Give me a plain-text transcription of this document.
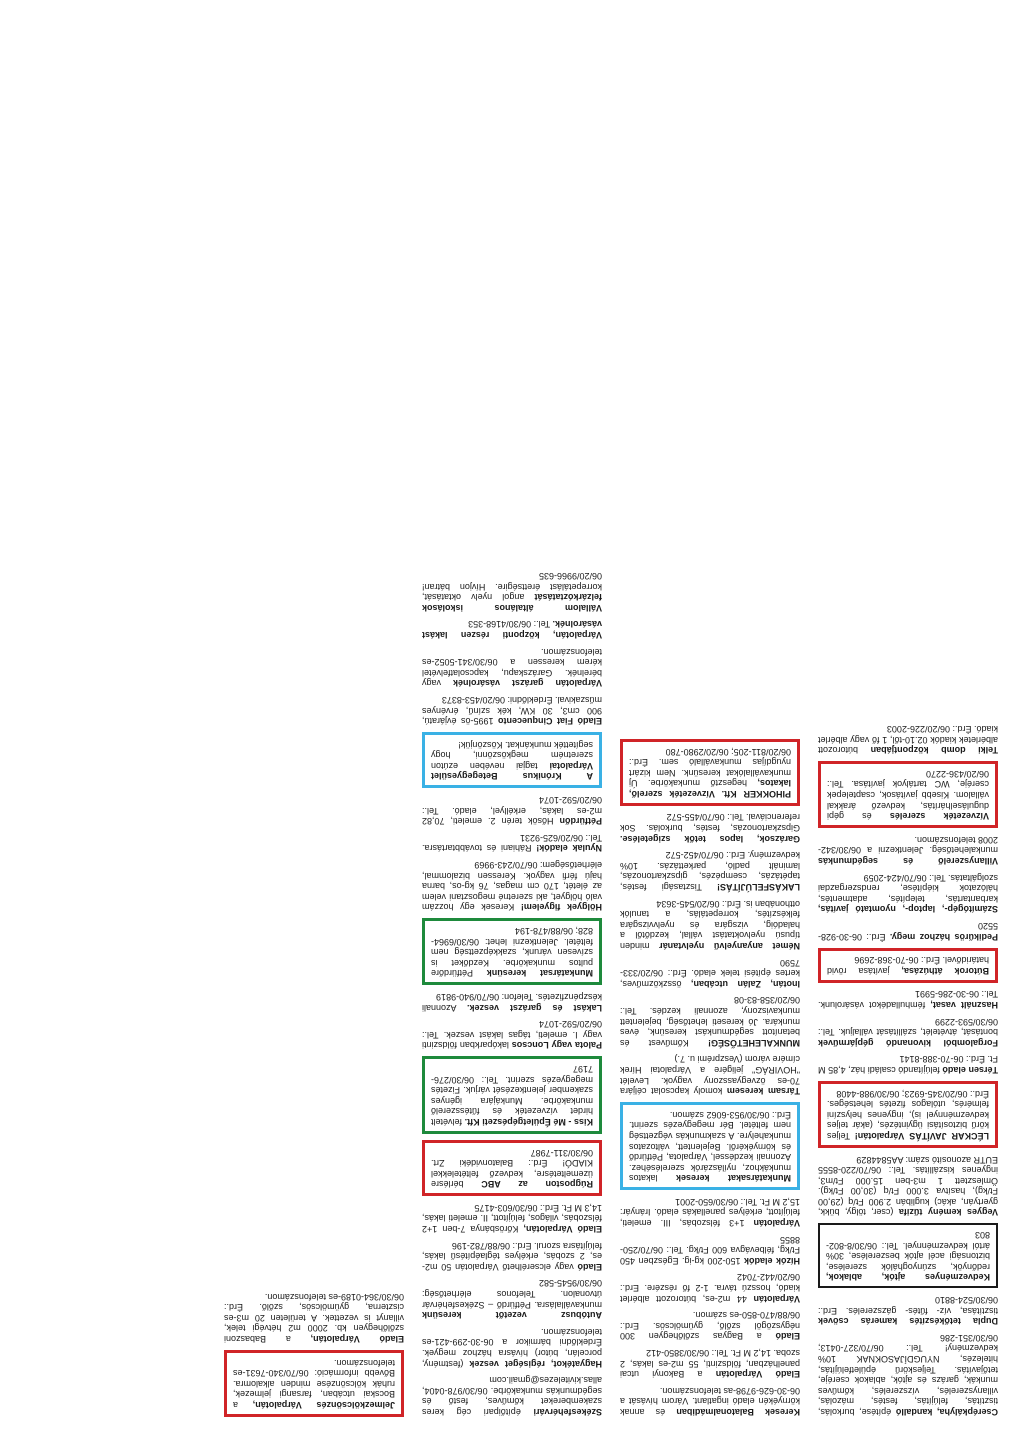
Cserépkályha, kandalló építése, burkolás, tisztítás, felújítás, festés, mázolás, villanyszerelés, vízszerelés, kőműves munkák, garázs és ajtók, ablakok cseréje, tetőjavítás. Teljeskörű épületfelújítás, hitelezés, NYUGDÍJASOKNAK 10% kedvezmény! Tel.: 06/70/327-0413; 06/30/351-286
Dupla tetőkészítés kamerás csövek tisztítása, víz- fűtés- gázszerelés. Erd.: 06/30/524-8810
Kedvezményes ajtók, ablakok, redőnyök, szúnyoghálók szerelése, biztonsági acél ajtók beszerelése, 30% ártól kedvezménnyel. Tel.: 06/30/8-802-803
Vegyes kemény tűzifa (cser, tölgy, bükk, gyertyán, akác) kuglibán 2.900 Ft/q (29,00 Ft/kg), hasítva 3.000 Ft/q (30,00 Ft/kg). Ömlesztett 1 m3-ben 15.000 Ft/m3, ingyenes kiszállítás. Tel.: 06/70/220-8555 EUTR azonosító szám: AA5844829
LÉCKAR JAVÍTÁS Várpalotán! Teljes körű biztosítási ügyintézés, (akár teljes kedvezménnyel is), ingyenes helyszíni felmérés, utólagos fizetés lehetséges. Érd.: 06/20/345-6923; 06/30/988-4408
Térsen eladó felújítandó családi ház, 4,85 M Ft. Érd.: 06-70-388-8141
Forgalomból kivonandó gépjárművek bontását, átvételét, szállítását vállaljuk. Tel.: 06/30/593-2299
Használt vasat, fémhulladékot vásárolunk. Tel.: 06-30-286-5991
Bútorok áthúzása, javítása rövid határidővel. Érd.: 06-70-368-2696
Pedikűrös házhoz megy. Érd.: 06-30-928-5520
Számítógép-, laptop-, nyomtató javítás, karbantartás, telepítés, adatmentés, hálózatok kiépítése, rendszergazdai szolgáltatás. Tel.: 06/70/424-2059
Villanyszerelő és segédmunkás munkalehetőség. Jelentkezni a 06/30/342-2008 telefonszámon.
Vízvezeték szerelés és gépi duguláselhárítás, kedvező árakkal vállalom. Kisebb javítások, csaptelepek cseréje, WC tartályok javítása. Tel.: 06/20/436-2270
Telki domb központjában bútorozott albérletek kiadók 02.10-től, 1 fő vagy albérlet kiadó. Érd.: 06/20/226-2003
Keresek Balatonalmádiban és annak környékén eladó ingatlant. Várom hívását a 06-30-626-9798-as telefonszámon.
Eladó Várpalotán a Bakonyi utcai panelházban, földszinti, 55 m2-es lakás, 2 szoba. 14,2 M Ft. Tel.: 06/30/3850-412
Eladó a Bagyas szőlőhegyen 300 négyszögöl szőlő, gyümölcsös. Erd.: 06/88/470-850-es számon.
Várpalotán 44 m2-es, bútorozott albérlet kiadó, hosszú távra. 1-2 fő részére. Erd.: 06/20/442-7042
Hízók eladók 150-200 kg-ig. Egészben 450 Ft/kg, félbevágva 600 Ft/kg. Tel.: 06/70/250-8855
Várpalotán 1+3 félszobás, III. emeleti, felújított, erkélyes panellakás eladó. Irányár: 15,2 M Ft. Tel.: 06/30/650-2001
Munkatársakat keresek lakatos munkákhoz, nyílászárók szereléséhez. Azonnali kezdéssel, Várpalota, Pétfürdő és környékéről. Bejelentett, változatos munkahelyre. A szakmunkás végzettség nem feltétel. Bér megegyezés szerint. Érd.: 06/30/953-6062 számon.
Társam keresem komoly kapcsolat céljára 70-es özvegyasszony vagyok. Levelét "HOVIRÁG" jeligére a Várpalotai Hírek címére várom (Veszprémi u. 7.)
MUNKALEHETŐSÉG! Kőművest és betanított segédmunkást keresünk, éves munkára. Jó kereseti lehetőség, bejelentett munkaviszony, azonnali kezdés. Tel.: 06/20/358-83-08
Inotán, Zalán utcában, összközműves, kertes építési telek eladó. Érd.: 06/20/333-7590
Német anyanyelvű nyelvtanár minden típusú nyelvoktatást vállal, kezdőtől a haladóig, vizsgára és nyelvvizsgára felkészítés, korrepetálás, a tanulók otthonában is. Érd.: 06/20/545-3634
LAKÁSFELÚJÍTÁS! Tisztasági festés, tapétázás, csempézés, gipszkartonozás, laminált padló, parkettázás. 10% kedvezmény. Erd.: 06/70/452-572
Garázsok, lapos tetők szigetelése. Gipszkartonozás, festés, burkolás. Sok referenciával. Tel.: 06/70/455-572
PIHOKKER Kft. Vízvezeték szerelő, lakatos, hegesztő munkakörbe. Új munkavállalókat keresünk. Nem kizárt nyugdíjas munkavállaló sem. Érd.: 06/20/811-205; 06/20/2980-780
Székesfehérvári építőipari cég keres szakembereket kőműves, festő és segédmunkás munkakörbe. 06/30/978-0404, allas.kivitelezes@gmail.com
Hagyatékot, régiséget veszek (festmény, porcelán, bútor) hívásra házhoz megyek. Érdeklődni bármikor a 06-30-299-421-es telefonszámon.
Autóbusz vezetőt keresünk munkavállalásra. Pétfürdő – Székesfehérvár útvonalon. Telefonos elérhetőség: 06/30/9545-582
Eladó vagy elcserélhető Várpalotán 50 m2-es, 2 szobás, erkélyes téglaépítésű lakás, felújításra szorul. Erd.: 06/88/782-196
Eladó Várpalotán, Kőrösbánya 7-ben 1+2 félszobás, világos, felújított, II. emeleti lakás, 14,3 M Ft. Érd.: 06/30/603-4175
Rúgposton az ABC bérlésre üzemeltetésre, kedvező feltételekkel KIADÓ! Érd.: Balatonvidéki Zrt. 06/30/311-7987
Kiss - Mé Épületgépészeti Kft. felvételt hirdet vízvezeték és fűtésszerelő munkakörbe. Munkájára igényes szakember jelentkezését várjuk. Fizetés megegyezés szerint. Tel.: 06/30/276-7197
Palota vagy Loncsos lakóparkban földszinti vagy I. emeleti, tágas lakást veszek. Tel.: 06/20/592-1074
Lakást és garázst veszek. Azonnali készpénzfizetés. Telefon: 06/70/940-9819
Munkatársat keresünk Pétfürdőre pultos munkakörbe. Kezdőket is szívesen várunk, szakképzettség nem feltétel. Jelentkezni lehet: 06/30/6964-828; 06/88/478-194
Hölgyek figyelem! Keresek egy hozzám való hölgyet, aki szeretné megosztani velem az életét, 170 cm magas, 76 kg-os, barna hajú férfi vagyok. Keressen bizalommal, elérhetőségem: 06/70/243-9969
Nyulak eladók! Ráhiani és továbbtartásra. Tel.: 06/20/625-9231
Pétfürdőn Hősök terén 2. emeleti, 70,82 m2-es lakás, erkéllyel, eladó. Tel.: 06/20/592-1074
A Krónikus Betegegyesület Várpalotai tagjai nevében ezúton szeretném megköszönni, hogy segítették munkánkat. Köszönjük!
Eladó Fiat Cinquecento 1995-ös évjáratú, 900 cm3, 30 KW, kék színű, érvényes műszakival. Érdeklődni: 06/20/453-8373
Várpalotán garázst vásárolnék vagy bérelnék. Garázskapu, kapcsolatfelvétel kérem keressen a 06/30/341-5052-es telefonszámon.
Várpalotán, központi részen lakást vásárolnék. Tel.: 06/30/4168-353
Vállalom általános iskolások felzárkóztatását angol nyelv oktatását, korrepetálást érettségire. Hívjon bátran! 06/20/9966-635
Jelmezkölcsönzés Várpalotán, a Bocskai utcában, farsangi jelmezek, ruhák kölcsönzése minden alkalomra. Bővebb információ: 06/70/340-7631-es telefonszámon.
Eladó Várpalotán, a Babaszoni szőlőhegyen kb. 2000 m2 hétvégi telek, villanyt is vezettek. A területen 20 m3-es ciszterna, gyümölcsös, szőlő. Érd.: 06/30/364-0189-es telefonszámon.
